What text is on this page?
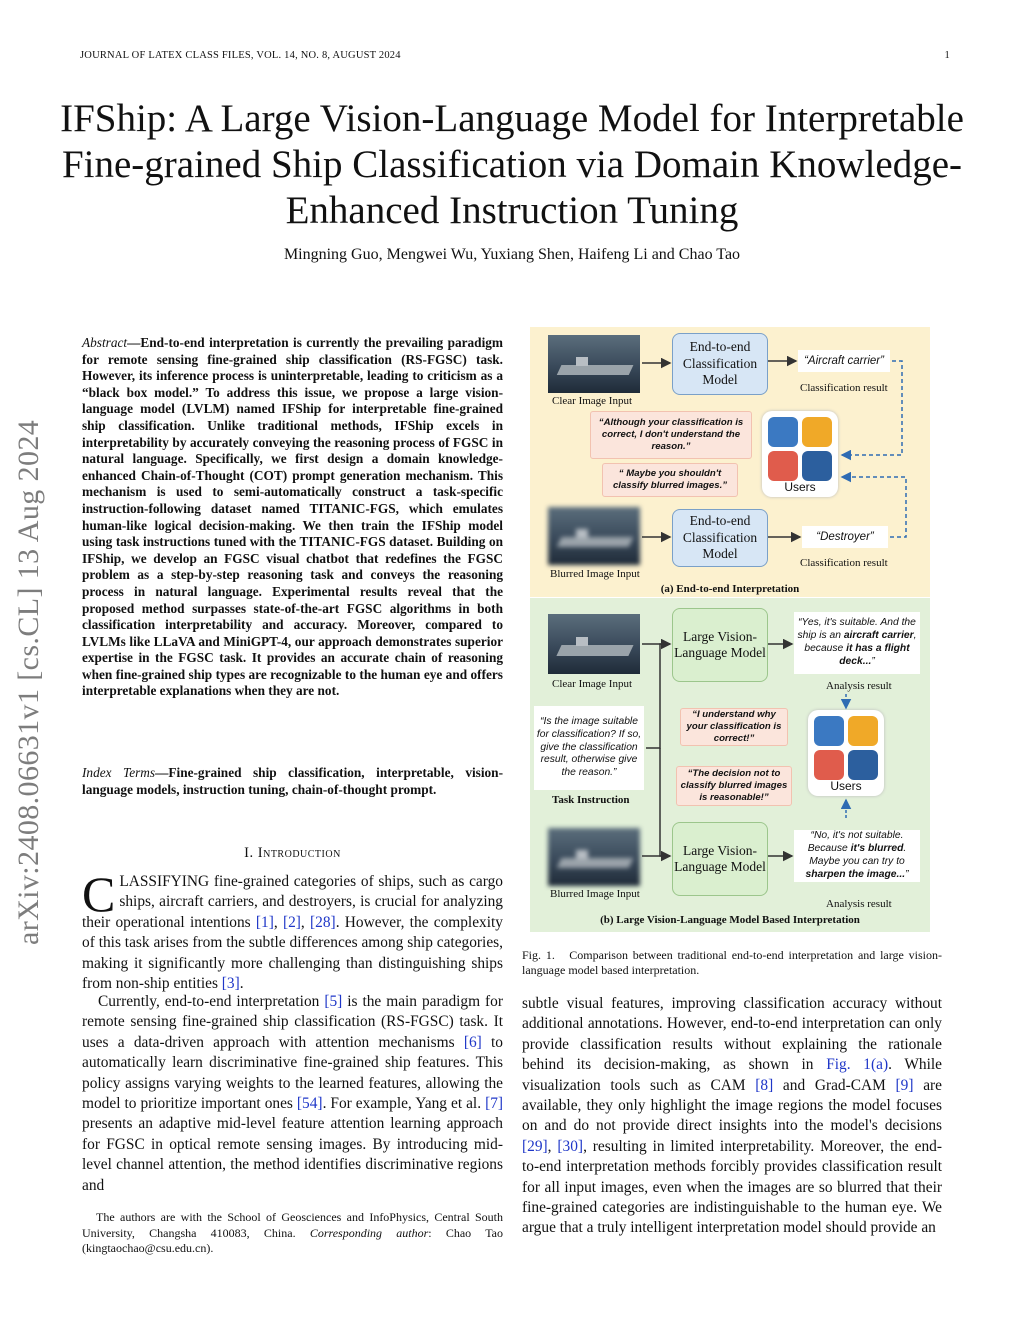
JOURNAL OF LATEX CLASS FILES, VOL. 14, NO. 8, AUGUST 2024	1
IFShip: A Large Vision-Language Model for Interpretable Fine-grained Ship Classification via Domain Knowledge-Enhanced Instruction Tuning
Mingning Guo, Mengwei Wu, Yuxiang Shen, Haifeng Li and Chao Tao
arXiv:2408.06631v1 [cs.CL] 13 Aug 2024
Abstract—End-to-end interpretation is currently the prevailing paradigm for remote sensing fine-grained ship classification (RS-FGSC) task. However, its inference process is uninterpretable, leading to criticism as a “black box model.” To address this issue, we propose a large vision-language model (LVLM) named IFShip for interpretable fine-grained ship classification. Unlike traditional methods, IFShip excels in interpretability by accurately conveying the reasoning process of FGSC in natural language. Specifically, we first design a domain knowledge-enhanced Chain-of-Thought (COT) prompt generation mechanism. This mechanism is used to semi-automatically construct a task-specific instruction-following dataset named TITANIC-FGS, which emulates human-like logical decision-making. We then train the IFShip model using task instructions tuned with the TITANIC-FGS dataset. Building on IFShip, we develop an FGSC visual chatbot that redefines the FGSC problem as a step-by-step reasoning task and conveys the reasoning process in natural language. Experimental results reveal that the proposed method surpasses state-of-the-art FGSC algorithms in both classification interpretability and accuracy. Moreover, compared to LVLMs like LLaVA and MiniGPT-4, our approach demonstrates superior expertise in the FGSC task. It provides an accurate chain of reasoning when fine-grained ship types are recognizable to the human eye and offers interpretable explanations when they are not.
Index Terms—Fine-grained ship classification, interpretable, vision-language models, instruction tuning, chain-of-thought prompt.
I. Introduction
CLASSIFYING fine-grained categories of ships, such as cargo ships, aircraft carriers, and destroyers, is crucial for analyzing their operational intentions [1], [2], [28]. However, the complexity of this task arises from the subtle differences among ship categories, making it significantly more challenging than distinguishing ships from non-ship entities [3].
Currently, end-to-end interpretation [5] is the main paradigm for remote sensing fine-grained ship classification (RS-FGSC) task. It uses a data-driven approach with attention mechanisms [6] to automatically learn discriminative fine-grained ship features. This policy assigns varying weights to the learned features, allowing the model to prioritize important ones [54]. For example, Yang et al. [7] presents an adaptive mid-level feature attention learning approach for FGSC in optical remote sensing images. By introducing mid-level channel attention, the method identifies discriminative regions and
The authors are with the School of Geosciences and InfoPhysics, Central South University, Changsha 410083, China. Corresponding author: Chao Tao (kingtaochao@csu.edu.cn).
Clear Image Input
End-to-end Classification Model
“Aircraft carrier”
Classification result
“Although your classification is correct, I don't understand the reason.”
“ Maybe you shouldn't classify blurred images.”	Users
Blurred Image Input
End-to-end Classification Model
“Destroyer”
Classification result
(a) End-to-end Interpretation
Clear Image Input
Large Vision-Language Model
“Yes, it's suitable. And the ship is an aircraft carrier, because it has a flight deck...”
Analysis result
“Is the image suitable for classification? If so, give the classification result, otherwise give the reason.”
Task Instruction
“I understand why your classification is correct!”
“The decision not to classify blurred images is reasonable!”
Users
Blurred Image Input
Large Vision-Language Model
“No, it's not suitable. Because it's blurred. Maybe you can try to sharpen the image...”
Analysis result
(b) Large Vision-Language Model Based Interpretation
Fig. 1. Comparison between traditional end-to-end interpretation and large vision-language model based interpretation.
subtle visual features, improving classification accuracy without additional annotations. However, end-to-end interpretation can only provide classification results without explaining the rationale behind its decision-making, as shown in Fig. 1(a). While visualization tools such as CAM [8] and Grad-CAM [9] are available, they only highlight the image regions the model focuses on and do not provide direct insights into the model's decisions [29], [30], resulting in limited interpretability. Moreover, the end-to-end interpretation methods forcibly provides classification result for all input images, even when the images are so blurred that their fine-grained categories are indistinguishable to the human eye. We argue that a truly intelligent interpretation model should provide an
